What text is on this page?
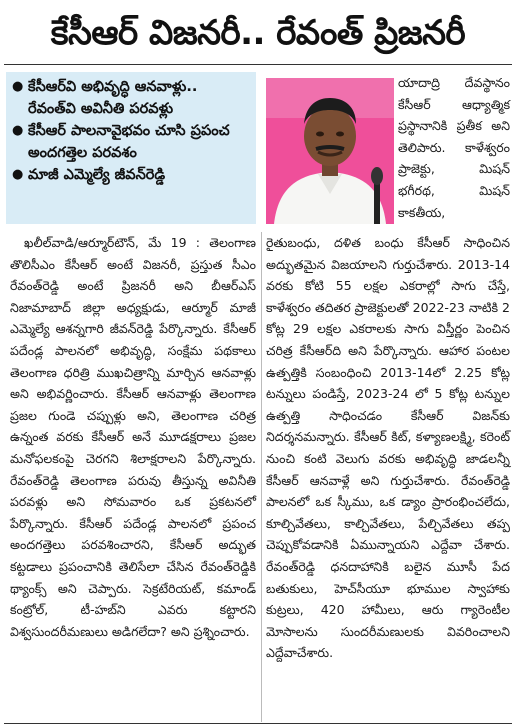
కేసీఆర్ విజనరీ.. రేవంత్ ప్రిజనరీ
● కేసీఆర్‌వి అభివృద్ధి ఆనవాళ్లు.. రేవంత్‌వి అవినీతి పరవళ్లు
● కేసీఆర్ పాలనావైభవం చూసి ప్రపంచ అందగత్తెల పరవశం
● మాజీ ఎమ్మెల్యే జీవన్‌రెడ్డి

యాదాద్రి దేవస్థానం కేసీఆర్ ఆధ్యాత్మిక ప్రస్థానానికి ప్రతీక అని తెలిపారు. కాళేశ్వరం ప్రాజెక్టు, మిషన్ భగీరథ, మిషన్ కాకతీయ,

ఖలీల్‌వాడి/ఆర్మూర్‌టౌన్, మే 19 : తెలంగాణ తొలిసీఎం కేసీఆర్ అంటే విజనరీ, ప్రస్తుత సీఎం రేవంత్‌రెడ్డి అంటే ప్రిజనరీ అని బీఆర్‌ఎస్ నిజామాబాద్ జిల్లా అధ్యక్షుడు, ఆర్మూర్ మాజీ ఎమ్మెల్యే ఆశన్నగారి జీవన్‌రెడ్డి పేర్కొన్నారు. కేసీఆర్ పదేండ్ల పాలనలో అభివృద్ధి, సంక్షేమ పథకాలు తెలంగాణ ధరిత్రి ముఖచిత్రాన్ని మార్చిన ఆనవాళ్లు అని అభివర్ణించారు. కేసీఆర్ ఆనవాళ్లు తెలంగాణ ప్రజల గుండె చప్పుళ్లు అని, తెలంగాణ చరిత్ర ఉన్నంత వరకు కేసీఆర్ అనే మూడక్షరాలు ప్రజల మనోఫలకంపై చెరగని శిలాక్షరాలని పేర్కొన్నారు. రేవంత్‌రెడ్డి తెలంగాణ పరువు తీస్తున్న అవినీతి పరవళ్లు అని సోమవారం ఒక ప్రకటనలో పేర్కొన్నారు. కేసీఆర్ పదేండ్ల పాలనలో ప్రపంచ అందగత్తెలు పరవశించారని, కేసీఆర్ అద్భుత కట్టడాలు ప్రపంచానికి తెలిసేలా చేసిన రేవంత్‌రెడ్డికి థ్యాంక్స్ అని చెప్పారు. సెక్రటేరియట్, కమాండ్ కంట్రోల్, టీ-హబ్‌ని ఎవరు కట్టారని విశ్వసుందరీమణులు అడిగలేదా? అని ప్రశ్నించారు.

రైతుబంధు, దళిత బంధు కేసీఆర్ సాధించిన అద్భుతమైన విజయాలని గుర్తుచేశారు. 2013-14 వరకు కోటి 55 లక్షల ఎకరాల్లో సాగు చేస్తే, కాళేశ్వరం తదితర ప్రాజెక్టులతో 2022-23 నాటికి 2 కోట్ల 29 లక్షల ఎకరాలకు సాగు విస్తీర్ణం పెంచిన చరిత్ర కేసీఆర్‌ది అని పేర్కొన్నారు. ఆహార పంటల ఉత్పత్తికి సంబంధించి 2013-14లో 2.25 కోట్ల టన్నులు పండిస్తే, 2023-24 లో 5 కోట్ల టన్నుల ఉత్పత్తి సాధించడం కేసీఆర్ విజన్‌కు నిదర్శనమన్నారు. కేసీఆర్ కిట్, కళ్యాణలక్ష్మి, కరెంట్ నుంచి కంటి వెలుగు వరకు అభివృద్ధి జాడలన్నీ కేసీఆర్ ఆనవాళ్లే అని గుర్తుచేశారు. రేవంత్‌రెడ్డి పాలనలో ఒక స్కీము, ఒక డ్యాం ప్రారంభించలేదు, కూల్చివేతలు, కాల్చివేతలు, పేల్చివేతలు తప్ప చెప్పుకోవడానికి ఏమున్నాయని ఎద్దేవా చేశారు. రేవంత్‌రెడ్డి ధనదాహానికి బలైన మూసీ పేద బతుకులు, హెచ్‌సీయూ భూముల స్వాహాకు కుట్రలు, 420 హామీలు, ఆరు గ్యారెంటీల మోసాలను సుందరీమణులకు వివరించాలని ఎద్దేవాచేశారు.
